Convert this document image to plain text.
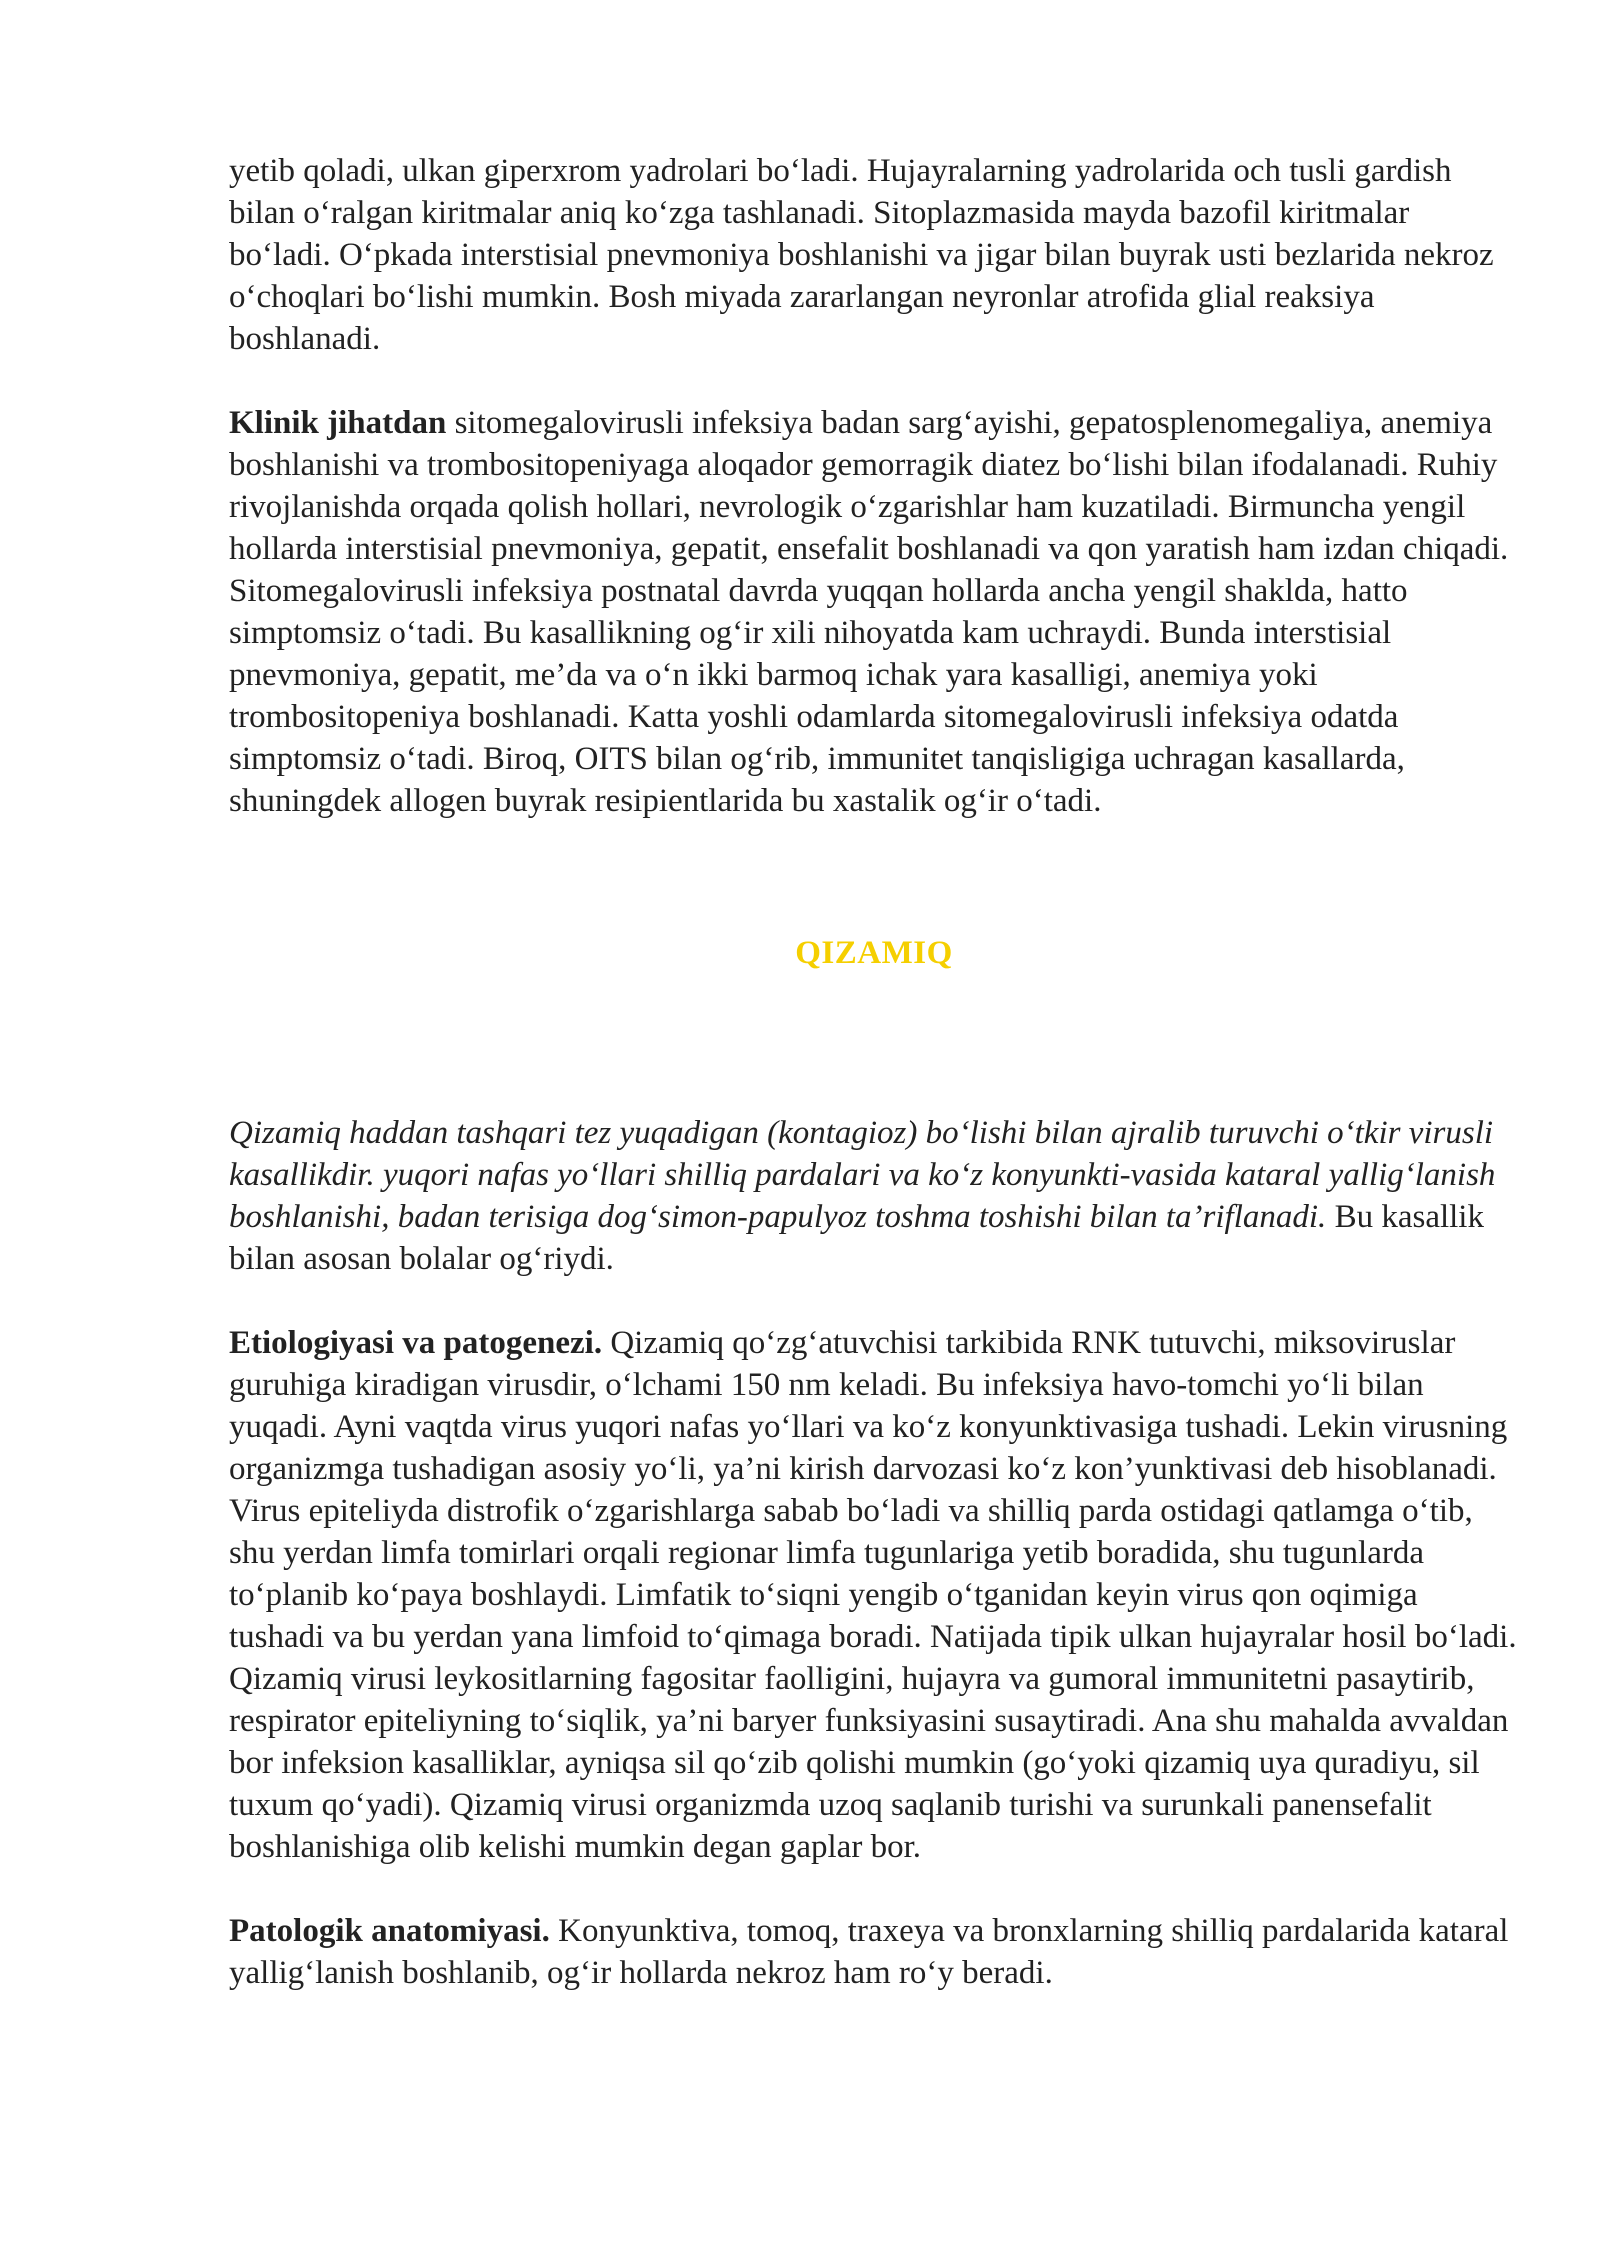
yetib qoladi, ulkan giperxrom yadrolari boʻladi. Hujayralarning yadrolarida och tusli gardish bilan oʻralgan kiritmalar aniq koʻzga tashlanadi. Sitoplazmasida mayda bazofil kiritmalar boʻladi. Oʻpkada interstisial pnevmoniya boshlanishi va jigar bilan buyrak usti bezlarida nekroz oʻchoqlari boʻlishi mumkin. Bosh miyada zararlangan neyronlar atrofida glial reaksiya boshlanadi.

Klinik jihatdan sitomegalovirusli infeksiya badan sargʻayishi, gepatosplenomegaliya, anemiya boshlanishi va trombositopeniyaga aloqador gemorragik diatez boʻlishi bilan ifodalanadi. Ruhiy rivojlanishda orqada qolish hollari, nevrologik oʻzgarishlar ham kuzatiladi. Birmuncha yengil hollarda interstisial pnevmoniya, gepatit, ensefalit boshlanadi va qon yaratish ham izdan chiqadi. Sitomegalovirusli infeksiya postnatal davrda yuqqan hollarda ancha yengil shaklda, hatto simptomsiz oʻtadi. Bu kasallikning ogʻir xili nihoyatda kam uchraydi. Bunda interstisial pnevmoniya, gepatit, me’da va oʻn ikki barmoq ichak yara kasalligi, anemiya yoki trombositopeniya boshlanadi. Katta yoshli odamlarda sitomegalovirusli infeksiya odatda simptomsiz oʻtadi. Biroq, OITS bilan ogʻrib, immunitet tanqisligiga uchragan kasallarda, shuningdek allogen buyrak resipientlarida bu xastalik ogʻir oʻtadi.

QIZAMIQ

Qizamiq haddan tashqari tez yuqadigan (kontagioz) boʻlishi bilan ajralib turuvchi oʻtkir virusli kasallikdir. yuqori nafas yoʻllari shilliq pardalari va koʻz konyunkti-vasida kataral yalligʻlanish boshlanishi, badan terisiga dogʻsimon-papulyoz toshma toshishi bilan ta’riflanadi. Bu kasallik bilan asosan bolalar ogʻriydi.

Etiologiyasi va patogenezi. Qizamiq qoʻzgʻatuvchisi tarkibida RNK tutuvchi, miksoviruslar guruhiga kiradigan virusdir, oʻlchami 150 nm keladi. Bu infeksiya havo-tomchi yoʻli bilan yuqadi. Ayni vaqtda virus yuqori nafas yoʻllari va koʻz konyunktivasiga tushadi. Lekin virusning organizmga tushadigan asosiy yoʻli, ya’ni kirish darvozasi koʻz kon’yunktivasi deb hisoblanadi. Virus epiteliyda distrofik oʻzgarishlarga sabab boʻladi va shilliq parda ostidagi qatlamga oʻtib, shu yerdan limfa tomirlari orqali regionar limfa tugunlariga yetib boradida, shu tugunlarda toʻplanib koʻpaya boshlaydi. Limfatik toʻsiqni yengib oʻtganidan keyin virus qon oqimiga tushadi va bu yerdan yana limfoid toʻqimaga boradi. Natijada tipik ulkan hujayralar hosil boʻladi. Qizamiq virusi leykositlarning fagositar faolligini, hujayra va gumoral immunitetni pasaytirib, respirator epiteliyning toʻsiqlik, ya’ni baryer funksiyasini susaytiradi. Ana shu mahalda avvaldan bor infeksion kasalliklar, ayniqsa sil qoʻzib qolishi mumkin (goʻyoki qizamiq uya quradiyu, sil tuxum qoʻyadi). Qizamiq virusi organizmda uzoq saqlanib turishi va surunkali panensefalit boshlanishiga olib kelishi mumkin degan gaplar bor.

Patologik anatomiyasi. Konyunktiva, tomoq, traxeya va bronxlarning shilliq pardalarida kataral yalligʻlanish boshlanib, ogʻir hollarda nekroz ham roʻy beradi.
